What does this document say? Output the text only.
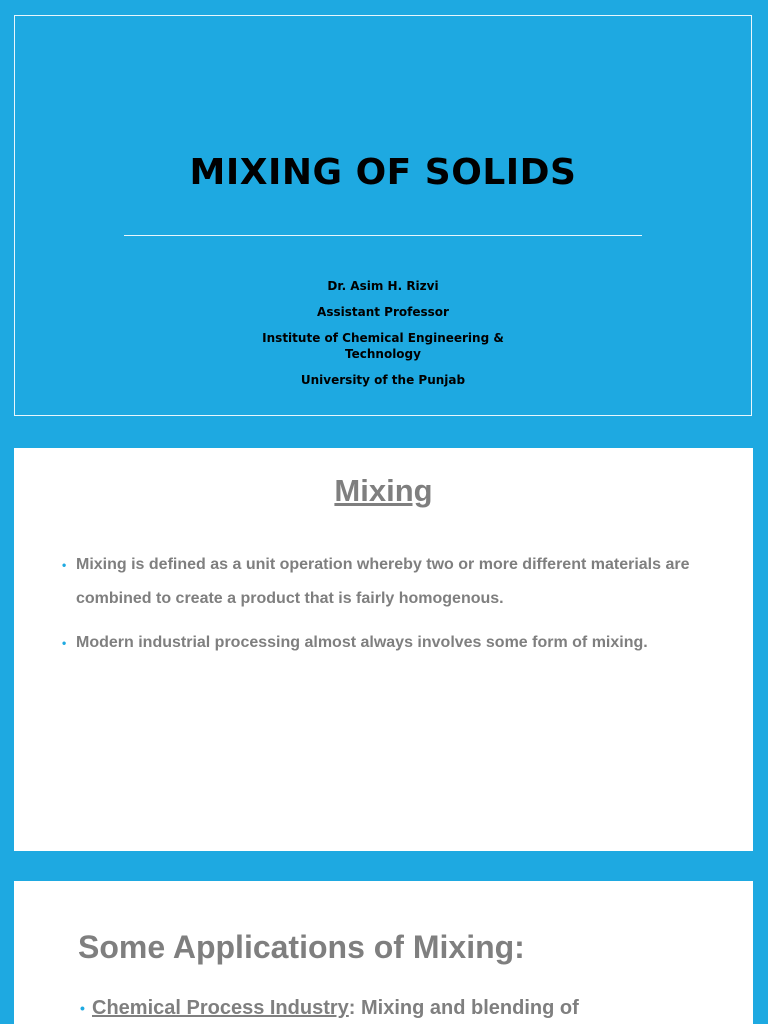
MIXING OF SOLIDS

Dr. Asim H. Rizvi

Assistant Professor

Institute of Chemical Engineering & Technology

University of the Punjab

Mixing
• Mixing is defined as a unit operation whereby two or more different materials are combined to create a product that is fairly homogenous.
• Modern industrial processing almost always involves some form of mixing.
Some Applications of Mixing:
• Chemical Process Industry: Mixing and blending of
